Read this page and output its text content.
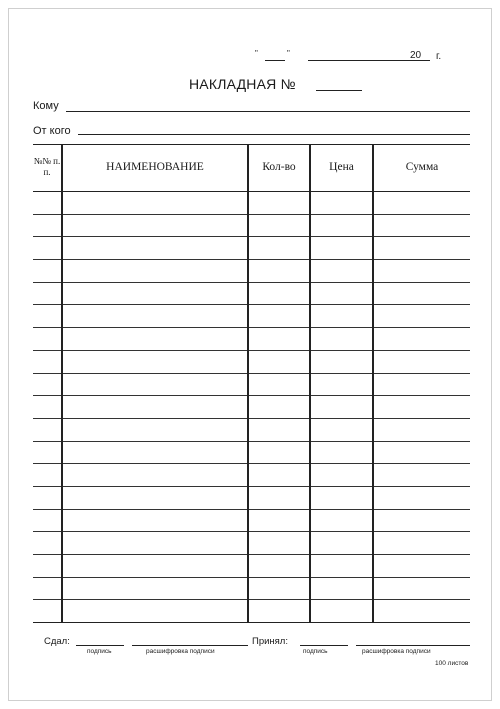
"	"	20 г.
НАКЛАДНАЯ №
Кому
От кого
№№ п. п.	НАИМЕНОВАНИЕ	Кол-во	Цена	Сумма
Сдал:
подпись	расшифровка подписи
Принял:
подпись	расшифровка подписи
100 листов
